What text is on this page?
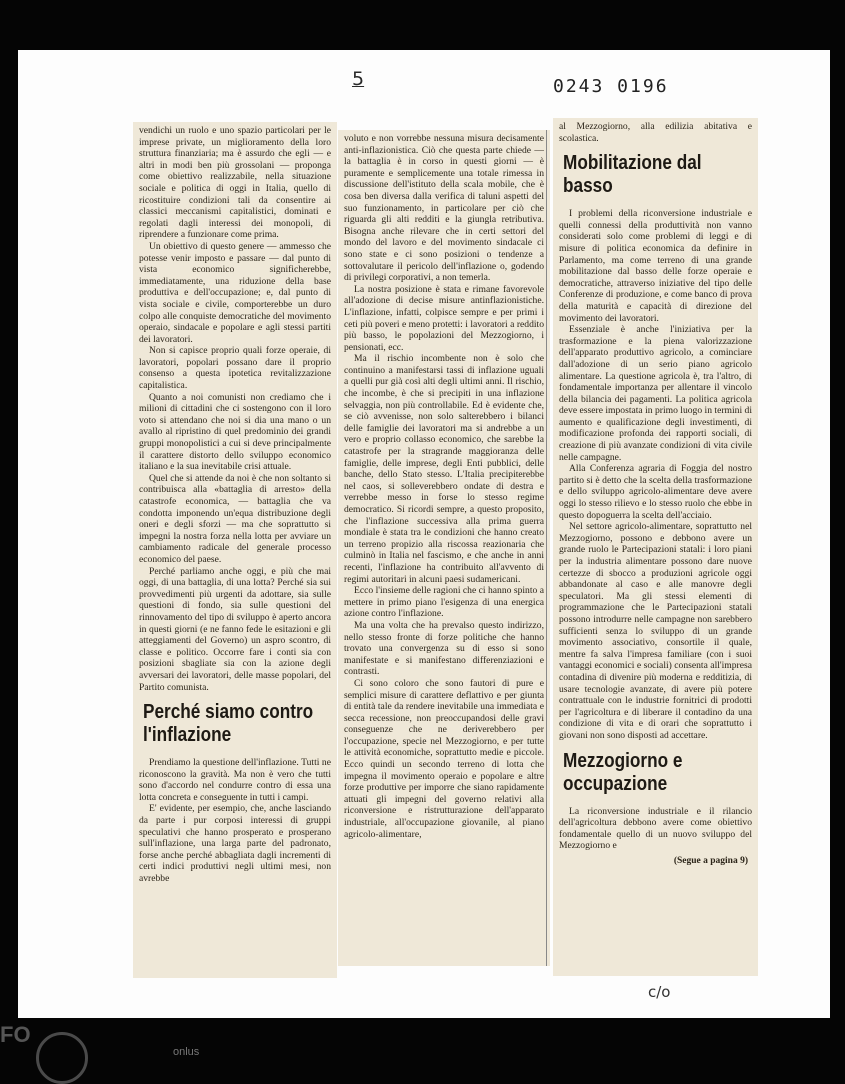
5	0243 0196

vendichi un ruolo e uno spazio particolari per le imprese private, un miglioramento della loro struttura finanziaria; ma è assurdo che egli — e altri in modi ben più grossolani — proponga come obiettivo realizzabile, nella situazione sociale e politica di oggi in Italia, quello di ricostituire condizioni tali da consentire ai classici meccanismi capitalistici, dominati e regolati dagli interessi dei monopoli, di riprendere a funzionare come prima.

Un obiettivo di questo genere — ammesso che potesse venir imposto e passare — dal punto di vista economico significherebbe, immediatamente, una riduzione della base produttiva e dell'occupazione; e, dal punto di vista sociale e civile, comporterebbe un duro colpo alle conquiste democratiche del movimento operaio, sindacale e popolare e agli stessi partiti dei lavoratori.

Non si capisce proprio quali forze operaie, di lavoratori, popolari possano dare il proprio consenso a questa ipotetica revitalizzazione capitalistica.

Quanto a noi comunisti non crediamo che i milioni di cittadini che ci sostengono con il loro voto si attendano che noi si dia una mano o un avallo al ripristino di quel predominio dei grandi gruppi monopolistici a cui si deve principalmente il carattere distorto dello sviluppo economico italiano e la sua inevitabile crisi attuale.

Quel che si attende da noi è che non soltanto si contribuisca alla «battaglia di arresto» della catastrofe economica, — battaglia che va condotta imponendo un'equa distribuzione degli oneri e degli sforzi — ma che soprattutto si impegni la nostra forza nella lotta per avviare un cambiamento radicale del generale processo economico del paese.

Perché parliamo anche oggi, e più che mai oggi, di una battaglia, di una lotta? Perché sia sui provvedimenti più urgenti da adottare, sia sulle questioni di fondo, sia sulle questioni del rinnovamento del tipo di sviluppo è aperto ancora in questi giorni (e ne fanno fede le esitazioni e gli atteggiamenti del Governo) un aspro scontro, di classe e politico. Occorre fare i conti sia con posizioni sbagliate sia con la azione degli avversari dei lavoratori, delle masse popolari, del Partito comunista.

Perché siamo contro l'inflazione

Prendiamo la questione dell'inflazione. Tutti ne riconoscono la gravità. Ma non è vero che tutti sono d'accordo nel condurre contro di essa una lotta concreta e conseguente in tutti i campi.

E' evidente, per esempio, che, anche lasciando da parte i pur corposi interessi di gruppi speculativi che hanno prosperato e prosperano sull'inflazione, una larga parte del padronato, forse anche perché abbagliata dagli incrementi di certi indici produttivi negli ultimi mesi, non avrebbe

voluto e non vorrebbe nessuna misura decisamente anti-inflazionistica. Ciò che questa parte chiede — la battaglia è in corso in questi giorni — è puramente e semplicemente una totale rimessa in discussione dell'istituto della scala mobile, che è cosa ben diversa dalla verifica di taluni aspetti del suo funzionamento, in particolare per ciò che riguarda gli alti redditi e la giungla retributiva. Bisogna anche rilevare che in certi settori del mondo del lavoro e del movimento sindacale ci sono state e ci sono posizioni o tendenze a sottovalutare il pericolo dell'inflazione o, godendo di privilegi corporativi, a non temerla.

La nostra posizione è stata e rimane favorevole all'adozione di decise misure antinflazionistiche. L'inflazione, infatti, colpisce sempre e per primi i ceti più poveri e meno protetti: i lavoratori a reddito più basso, le popolazioni del Mezzogiorno, i pensionati, ecc.

Ma il rischio incombente non è solo che continuino a manifestarsi tassi di inflazione uguali a quelli pur già così alti degli ultimi anni. Il rischio, che incombe, è che si precipiti in una inflazione selvaggia, non più controllabile. Ed è evidente che, se ciò avvenisse, non solo salterebbero i bilanci delle famiglie dei lavoratori ma si andrebbe a un vero e proprio collasso economico, che sarebbe la catastrofe per la stragrande maggioranza delle famiglie, delle imprese, degli Enti pubblici, delle banche, dello Stato stesso. L'Italia precipiterebbe nel caos, si solleverebbero ondate di destra e verrebbe messo in forse lo stesso regime democratico. Si ricordi sempre, a questo proposito, che l'inflazione successiva alla prima guerra mondiale è stata tra le condizioni che hanno creato un terreno propizio alla riscossa reazionaria che culminò in Italia nel fascismo, e che anche in anni recenti, l'inflazione ha contribuito all'avvento di regimi autoritari in alcuni paesi sudamericani.

Ecco l'insieme delle ragioni che ci hanno spinto a mettere in primo piano l'esigenza di una energica azione contro l'inflazione.

Ma una volta che ha prevalso questo indirizzo, nello stesso fronte di forze politiche che hanno trovato una convergenza su di esso si sono manifestate e si manifestano differenziazioni e contrasti.

Ci sono coloro che sono fautori di pure e semplici misure di carattere deflattivo e per giunta di entità tale da rendere inevitabile una immediata e secca recessione, non preoccupandosi delle gravi conseguenze che ne deriverebbero per l'occupazione, specie nel Mezzogiorno, e per tutte le attività economiche, soprattutto medie e piccole. Ecco quindi un secondo terreno di lotta che impegna il movimento operaio e popolare e altre forze produttive per imporre che siano rapidamente attuati gli impegni del governo relativi alla riconversione e ristrutturazione dell'apparato industriale, all'occupazione giovanile, al piano agricolo-alimentare,

al Mezzogiorno, alla edilizia abitativa e scolastica.

Mobilitazione dal basso

I problemi della riconversione industriale e quelli connessi della produttività non vanno considerati solo come problemi di leggi e di misure di politica economica da definire in Parlamento, ma come terreno di una grande mobilitazione dal basso delle forze operaie e democratiche, attraverso iniziative del tipo delle Conferenze di produzione, e come banco di prova della maturità e capacità di direzione del movimento dei lavoratori.

Essenziale è anche l'iniziativa per la trasformazione e la piena valorizzazione dell'apparato produttivo agricolo, a cominciare dall'adozione di un serio piano agricolo alimentare. La questione agricola è, tra l'altro, di fondamentale importanza per allentare il vincolo della bilancia dei pagamenti. La politica agricola deve essere impostata in primo luogo in termini di aumento e qualificazione degli investimenti, di modificazione profonda dei rapporti sociali, di creazione di più avanzate condizioni di vita civile nelle campagne.

Alla Conferenza agraria di Foggia del nostro partito si è detto che la scelta della trasformazione e dello sviluppo agricolo-alimentare deve avere oggi lo stesso rilievo e lo stesso ruolo che ebbe in questo dopoguerra la scelta dell'acciaio.

Nel settore agricolo-alimentare, soprattutto nel Mezzogiorno, possono e debbono avere un grande ruolo le Partecipazioni statali: i loro piani per la industria alimentare possono dare nuove certezze di sbocco a produzioni agricole oggi abbandonate al caso e alle manovre degli speculatori. Ma gli stessi elementi di programmazione che le Partecipazioni statali possono introdurre nelle campagne non sarebbero sufficienti senza lo sviluppo di un grande movimento associativo, consortile il quale, mentre fa salva l'impresa familiare (con i suoi vantaggi economici e sociali) consenta all'impresa contadina di divenire più moderna e redditizia, di usare tecnologie avanzate, di avere più potere contrattuale con le industrie fornitrici di prodotti per l'agricoltura e di liberare il contadino da una condizione di vita e di orari che soprattutto i giovani non sono disposti ad accettare.

Mezzogiorno e occupazione

La riconversione industriale e il rilancio dell'agricoltura debbono avere come obiettivo fondamentale quello di un nuovo sviluppo del Mezzogiorno e

(Segue a pagina 9)
c/o
FO
onlus
